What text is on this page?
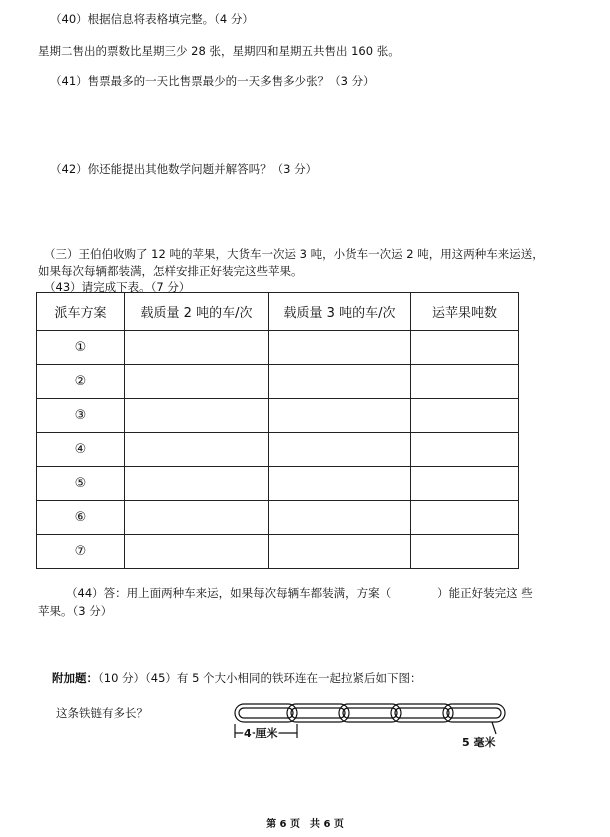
（40）根据信息将表格填完整。（4 分）
星期二售出的票数比星期三少 28 张，星期四和星期五共售出 160 张。
（41）售票最多的一天比售票最少的一天多售多少张？（3 分）
（42）你还能提出其他数学问题并解答吗？（3 分）
（三）王伯伯收购了 12 吨的苹果，大货车一次运 3 吨，小货车一次运 2 吨，用这两种车来运送，
如果每次每辆都装满，怎样安排正好装完这些苹果。
（43）请完成下表。（7 分）
派车方案	载质量 2 吨的车/次	载质量 3 吨的车/次	运苹果吨数
①			
②			
③			
④			
⑤			
⑥			
⑦			
（44）答：用上面两种车来运，如果每次每辆车都装满，方案（　　　　）能正好装完这 些
苹果。（3 分）
附加题：（10 分）（45）有 5 个大小相同的铁环连在一起拉紧后如下图：
这条铁链有多长？
4 厘米
5 毫米
第 6 页　共 6 页
